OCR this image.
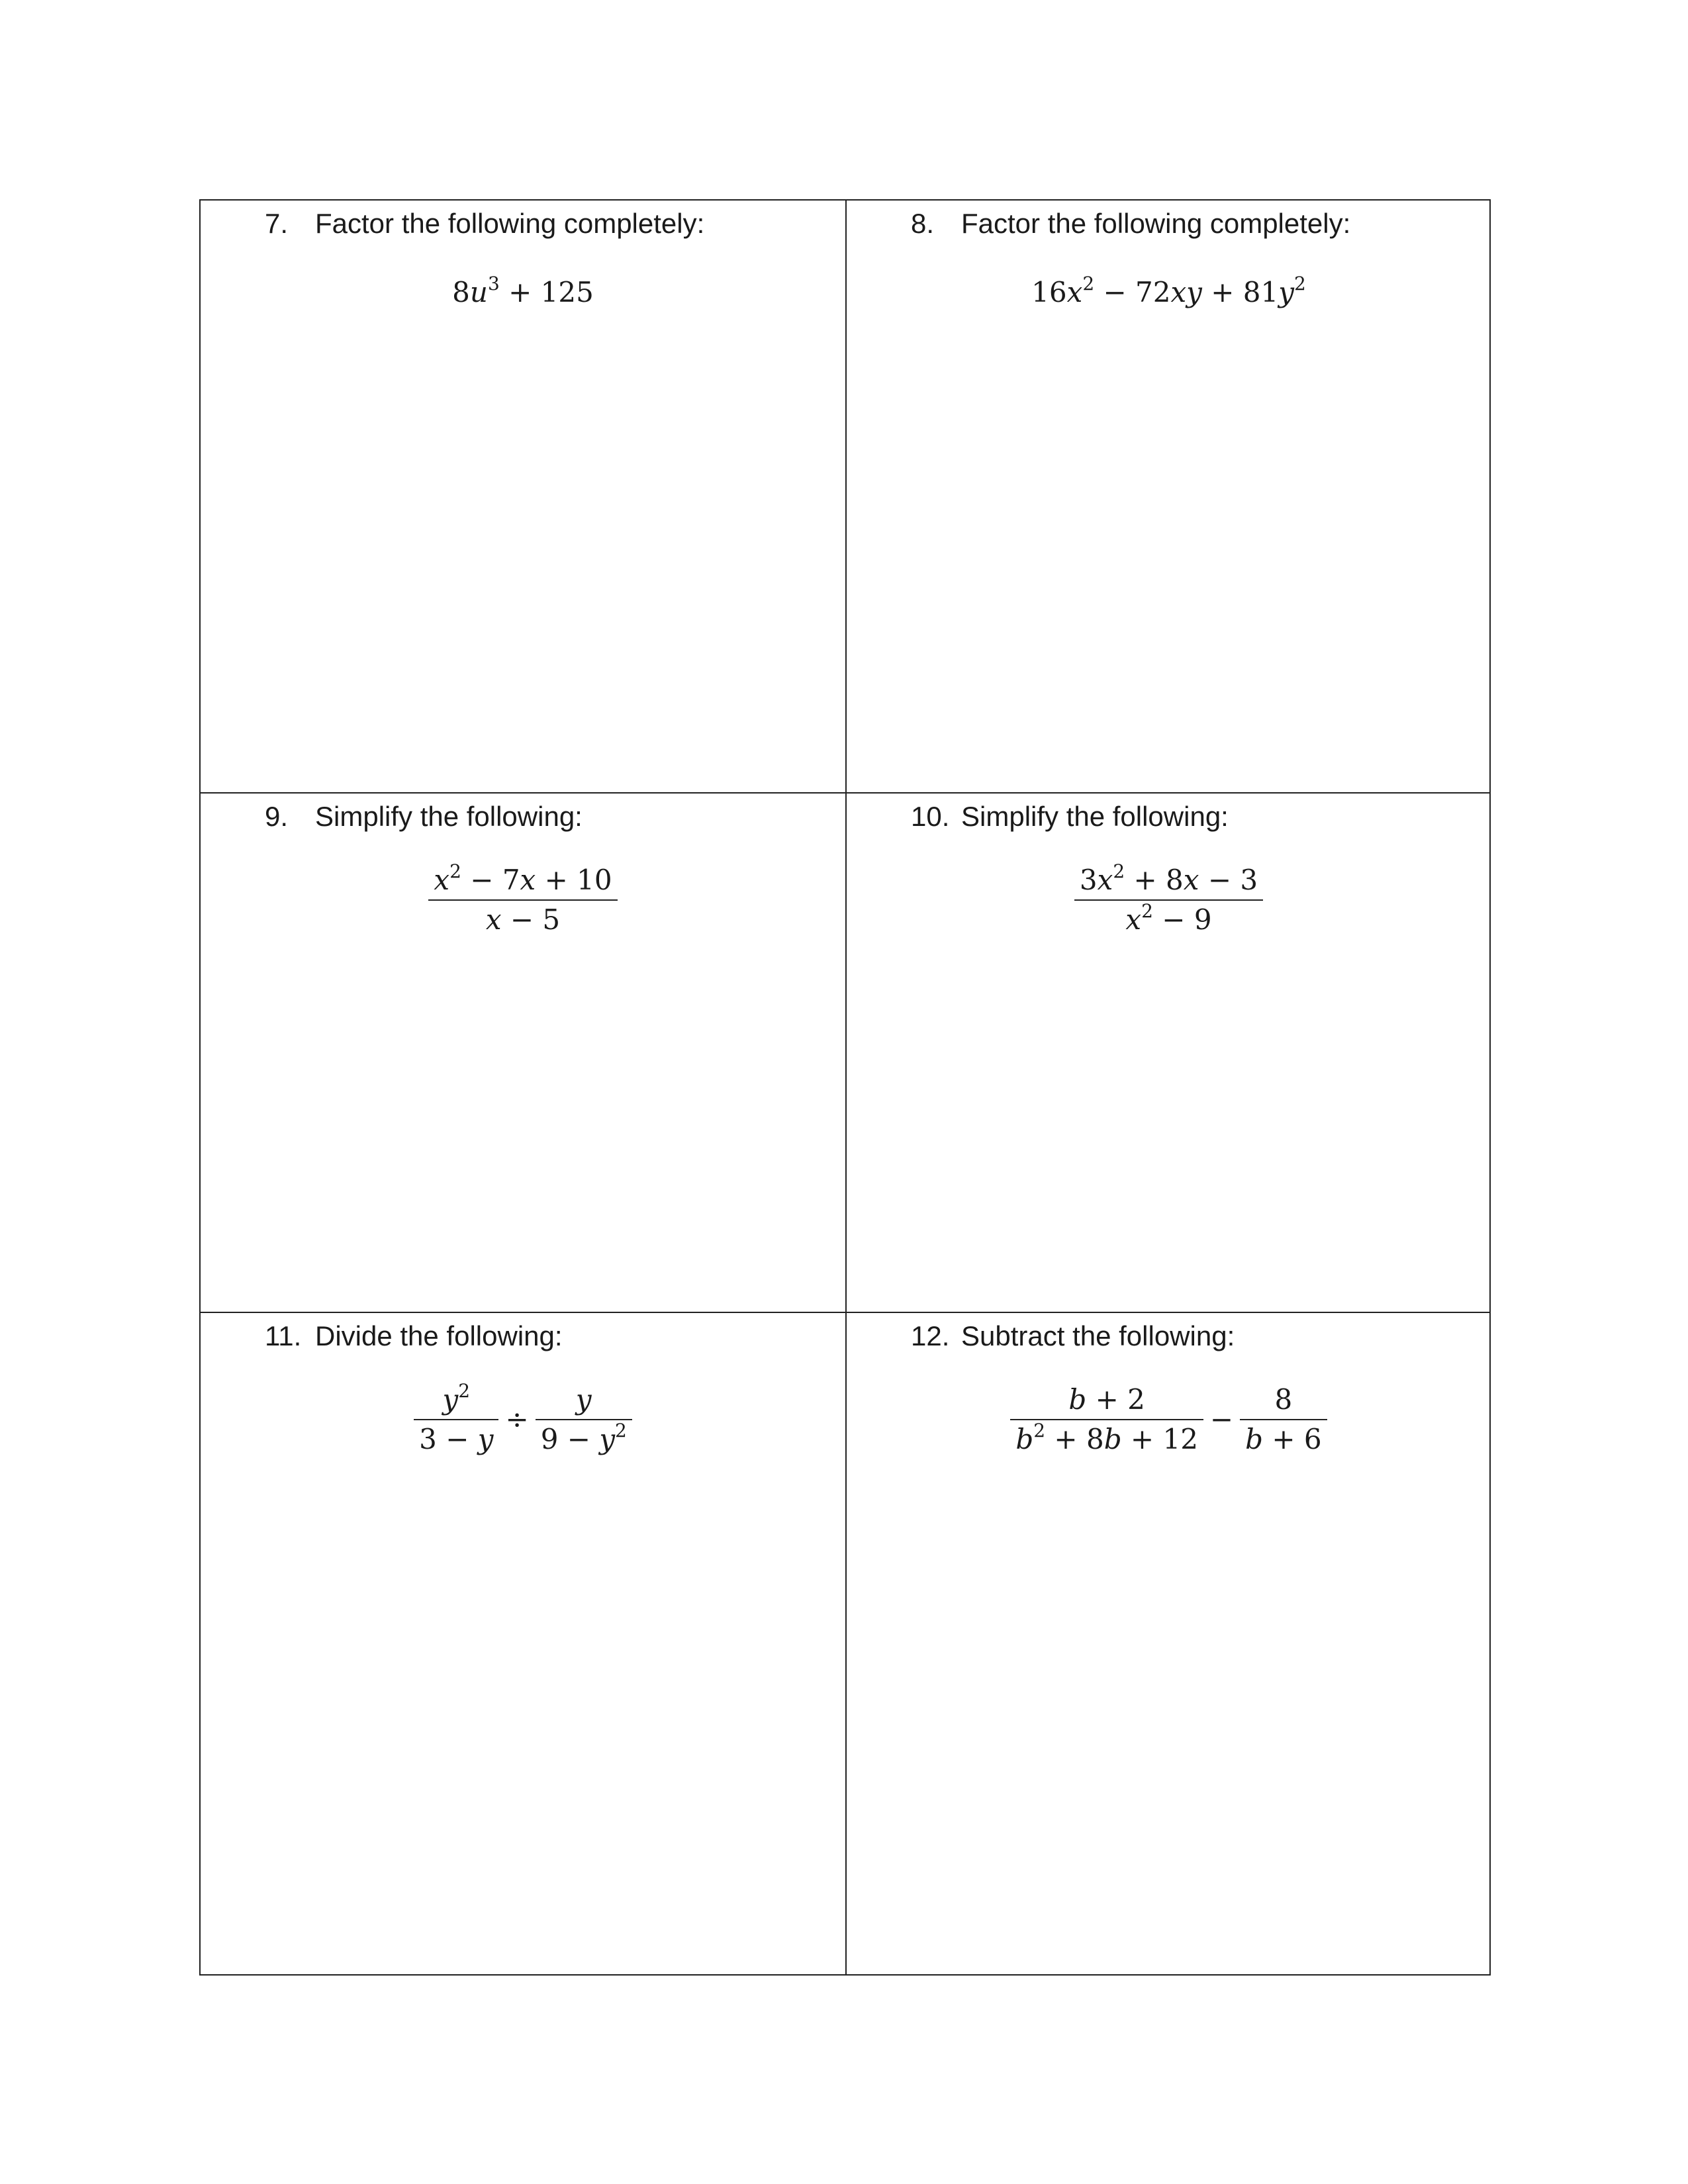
7. Factor the following completely:
$8u^3 + 125$
8. Factor the following completely:
$16x^2 - 72xy + 81y^2$
9. Simplify the following:
$\frac{x^2 - 7x + 10}{x - 5}$
10. Simplify the following:
$\frac{3x^2 + 8x - 3}{x^2 - 9}$
11. Divide the following:
$\frac{y^2}{3 - y} \div \frac{y}{9 - y^2}$
12. Subtract the following:
$\frac{b + 2}{b^2 + 8b + 12} - \frac{8}{b + 6}$
